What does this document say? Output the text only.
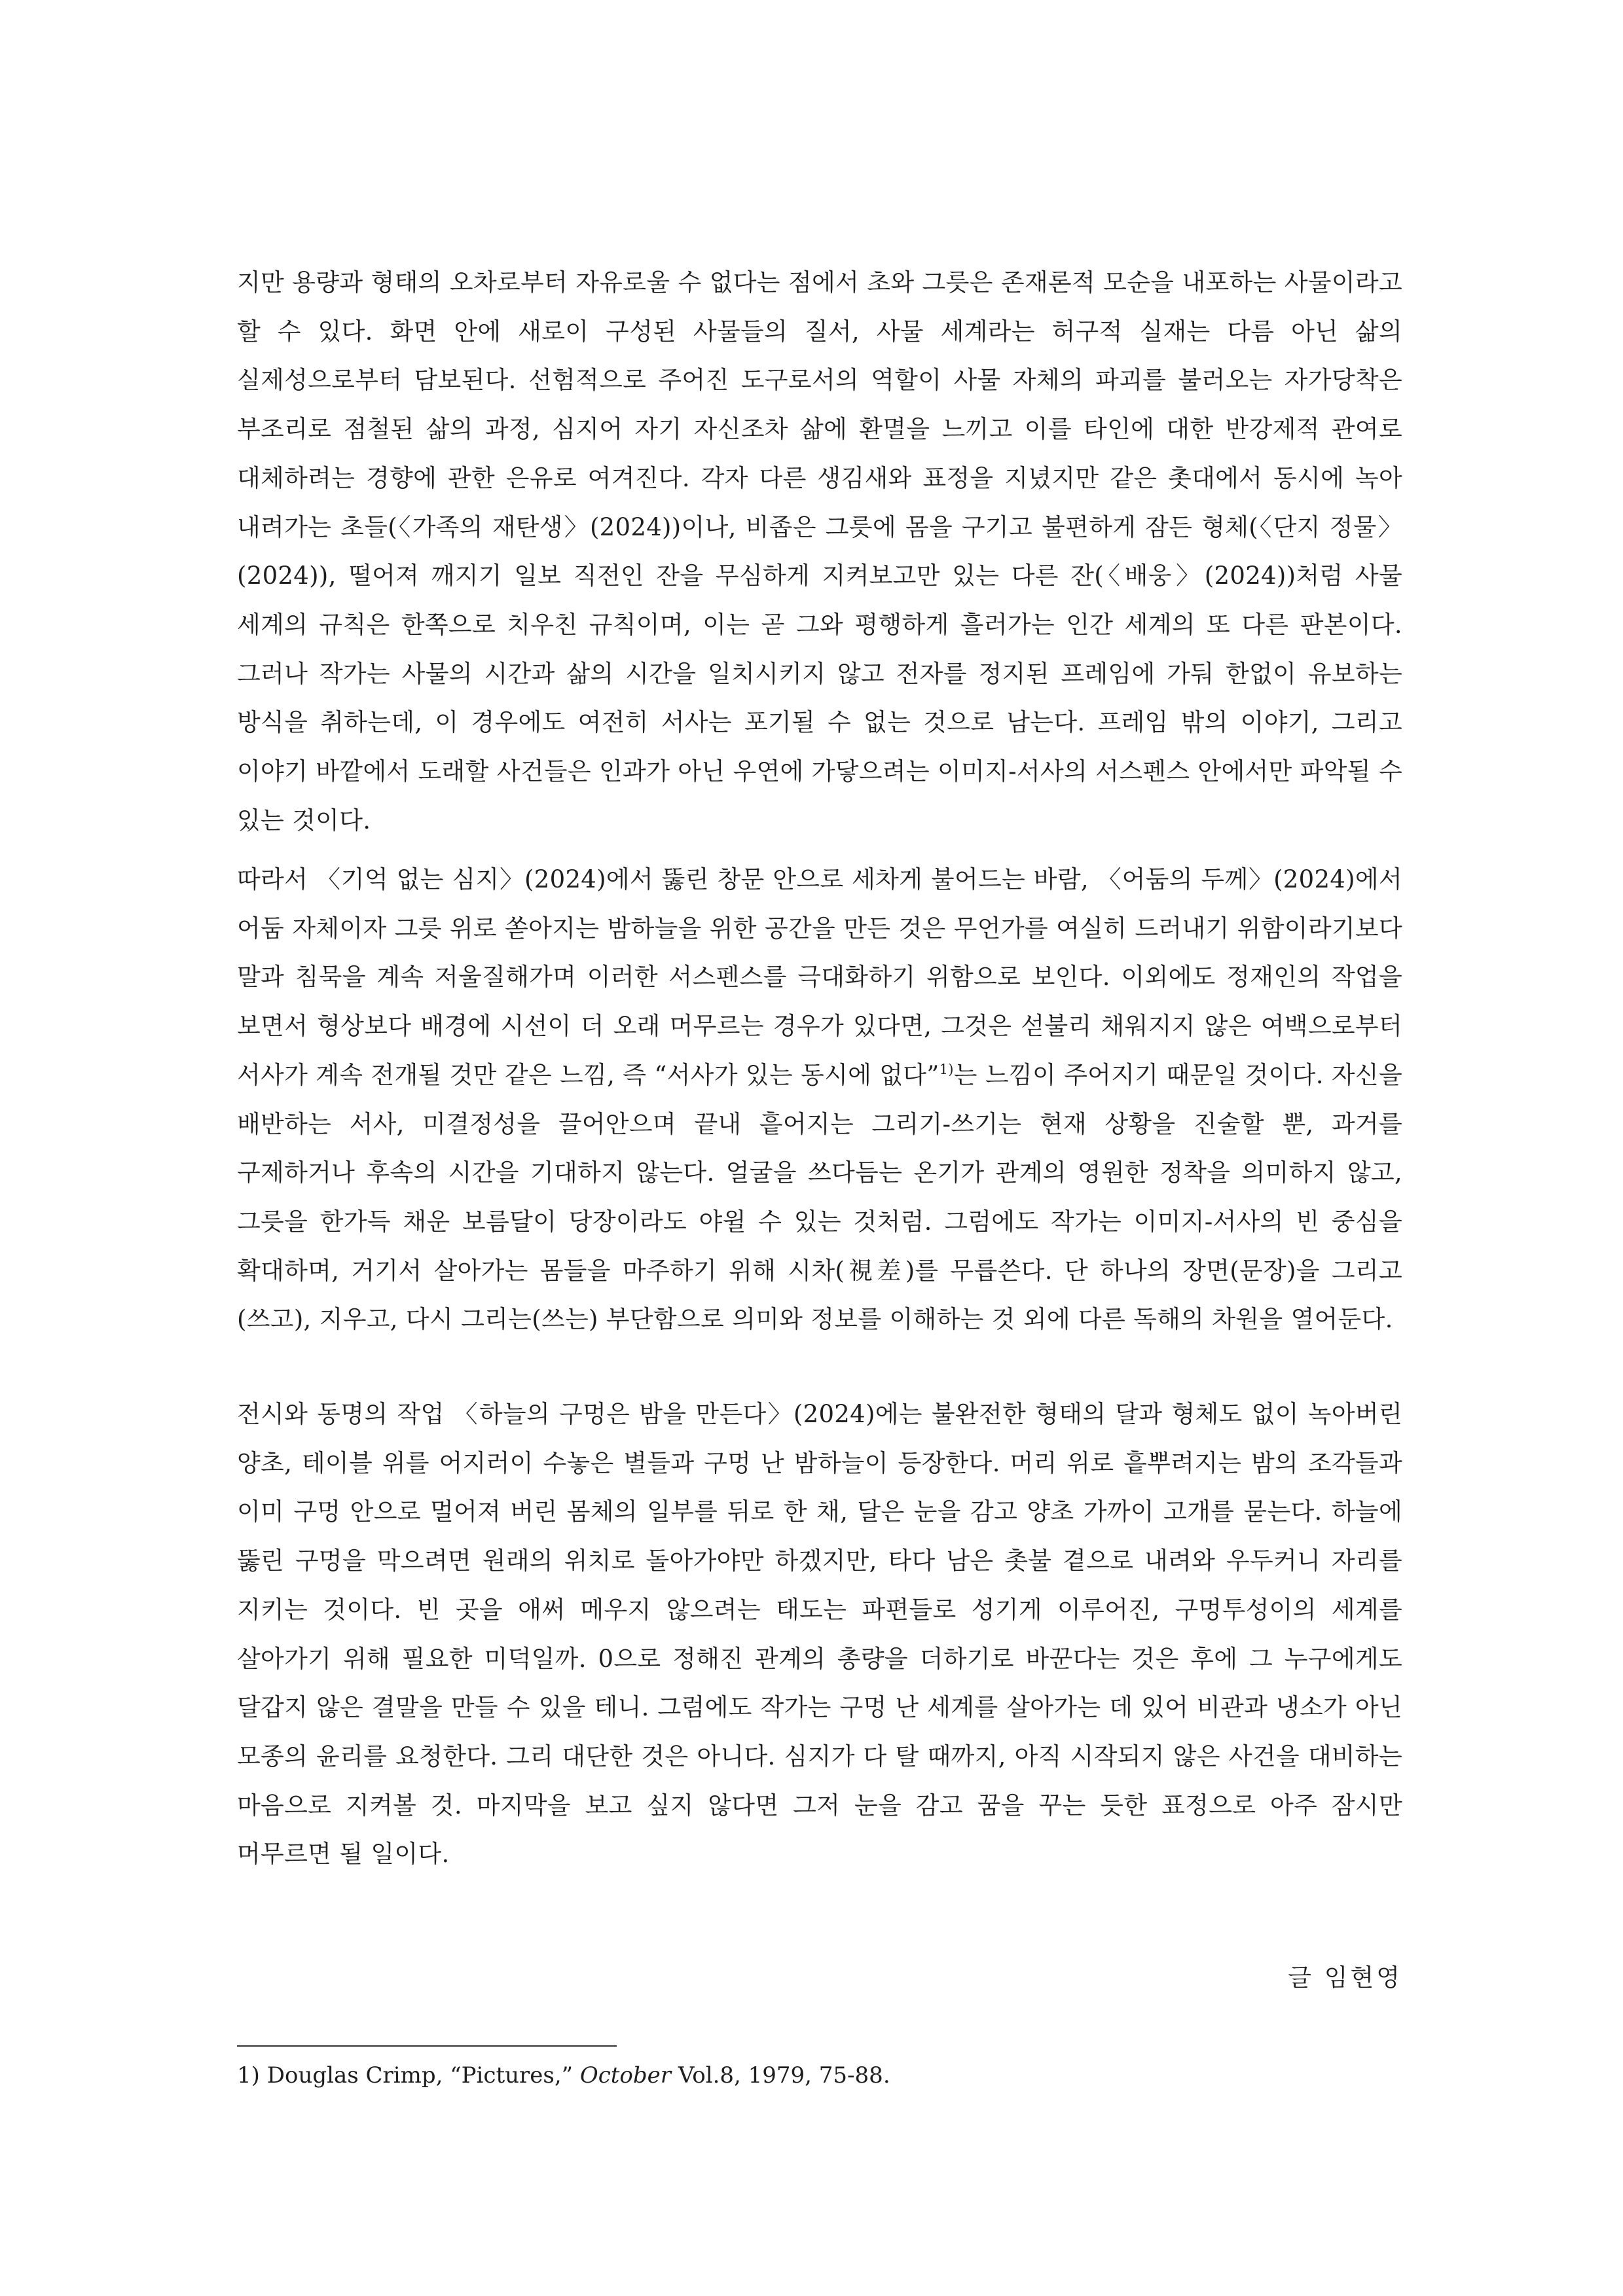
지만 용량과 형태의 오차로부터 자유로울 수 없다는 점에서 초와 그릇은 존재론적 모순을 내포하는 사물이라고 할 수 있다. 화면 안에 새로이 구성된 사물들의 질서, 사물 세계라는 허구적 실재는 다름 아닌 삶의 실제성으로부터 담보된다. 선험적으로 주어진 도구로서의 역할이 사물 자체의 파괴를 불러오는 자가당착은 부조리로 점철된 삶의 과정, 심지어 자기 자신조차 삶에 환멸을 느끼고 이를 타인에 대한 반강제적 관여로 대체하려는 경향에 관한 은유로 여겨진다. 각자 다른 생김새와 표정을 지녔지만 같은 촛대에서 동시에 녹아 내려가는 초들(〈가족의 재탄생〉(2024))이나, 비좁은 그릇에 몸을 구기고 불편하게 잠든 형체(〈단지 정물〉(2024)), 떨어져 깨지기 일보 직전인 잔을 무심하게 지켜보고만 있는 다른 잔(〈배웅〉(2024))처럼 사물 세계의 규칙은 한쪽으로 치우친 규칙이며, 이는 곧 그와 평행하게 흘러가는 인간 세계의 또 다른 판본이다. 그러나 작가는 사물의 시간과 삶의 시간을 일치시키지 않고 전자를 정지된 프레임에 가둬 한없이 유보하는 방식을 취하는데, 이 경우에도 여전히 서사는 포기될 수 없는 것으로 남는다. 프레임 밖의 이야기, 그리고 이야기 바깥에서 도래할 사건들은 인과가 아닌 우연에 가닿으려는 이미지-서사의 서스펜스 안에서만 파악될 수 있는 것이다.

따라서 〈기억 없는 심지〉(2024)에서 뚫린 창문 안으로 세차게 불어드는 바람, 〈어둠의 두께〉(2024)에서 어둠 자체이자 그릇 위로 쏟아지는 밤하늘을 위한 공간을 만든 것은 무언가를 여실히 드러내기 위함이라기보다 말과 침묵을 계속 저울질해가며 이러한 서스펜스를 극대화하기 위함으로 보인다. 이외에도 정재인의 작업을 보면서 형상보다 배경에 시선이 더 오래 머무르는 경우가 있다면, 그것은 섣불리 채워지지 않은 여백으로부터 서사가 계속 전개될 것만 같은 느낌, 즉 “서사가 있는 동시에 없다”$^{1)}$는 느낌이 주어지기 때문일 것이다. 자신을 배반하는 서사, 미결정성을 끌어안으며 끝내 흩어지는 그리기-쓰기는 현재 상황을 진술할 뿐, 과거를 구제하거나 후속의 시간을 기대하지 않는다. 얼굴을 쓰다듬는 온기가 관계의 영원한 정착을 의미하지 않고, 그릇을 한가득 채운 보름달이 당장이라도 야윌 수 있는 것처럼. 그럼에도 작가는 이미지-서사의 빈 중심을 확대하며, 거기서 살아가는 몸들을 마주하기 위해 시차(視差)를 무릅쓴다. 단 하나의 장면(문장)을 그리고(쓰고), 지우고, 다시 그리는(쓰는) 부단함으로 의미와 정보를 이해하는 것 외에 다른 독해의 차원을 열어둔다.

전시와 동명의 작업 〈하늘의 구멍은 밤을 만든다〉(2024)에는 불완전한 형태의 달과 형체도 없이 녹아버린 양초, 테이블 위를 어지러이 수놓은 별들과 구멍 난 밤하늘이 등장한다. 머리 위로 흩뿌려지는 밤의 조각들과 이미 구멍 안으로 멀어져 버린 몸체의 일부를 뒤로 한 채, 달은 눈을 감고 양초 가까이 고개를 묻는다. 하늘에 뚫린 구멍을 막으려면 원래의 위치로 돌아가야만 하겠지만, 타다 남은 촛불 곁으로 내려와 우두커니 자리를 지키는 것이다. 빈 곳을 애써 메우지 않으려는 태도는 파편들로 성기게 이루어진, 구멍투성이의 세계를 살아가기 위해 필요한 미덕일까. 0으로 정해진 관계의 총량을 더하기로 바꾼다는 것은 후에 그 누구에게도 달갑지 않은 결말을 만들 수 있을 테니. 그럼에도 작가는 구멍 난 세계를 살아가는 데 있어 비관과 냉소가 아닌 모종의 윤리를 요청한다. 그리 대단한 것은 아니다. 심지가 다 탈 때까지, 아직 시작되지 않은 사건을 대비하는 마음으로 지켜볼 것. 마지막을 보고 싶지 않다면 그저 눈을 감고 꿈을 꾸는 듯한 표정으로 아주 잠시만 머무르면 될 일이다.

글 임현영
1) Douglas Crimp, “Pictures,” October Vol.8, 1979, 75-88.
